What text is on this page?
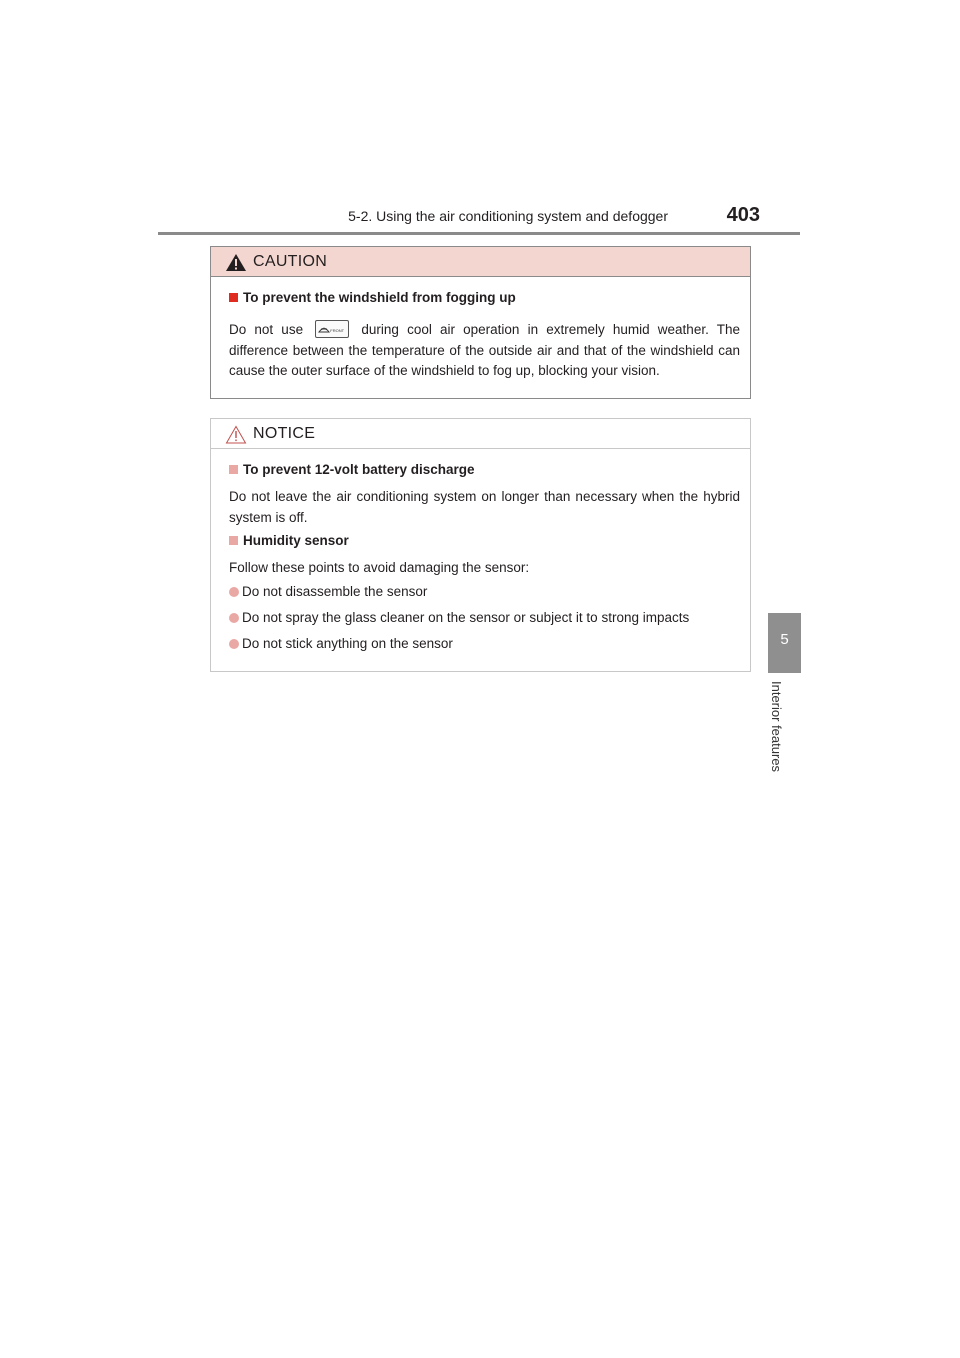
5-2. Using the air conditioning system and defogger	403
5
Interior features
CAUTION
To prevent the windshield from fogging up
Do not use	FRONT during cool air operation in extremely humid weather. The difference between the temperature of the outside air and that of the windshield can cause the outer surface of the windshield to fog up, blocking your vision.
NOTICE
To prevent 12-volt battery discharge
Do not leave the air conditioning system on longer than necessary when the hybrid system is off.
Humidity sensor
Follow these points to avoid damaging the sensor:
Do not disassemble the sensor
Do not spray the glass cleaner on the sensor or subject it to strong impacts
Do not stick anything on the sensor
